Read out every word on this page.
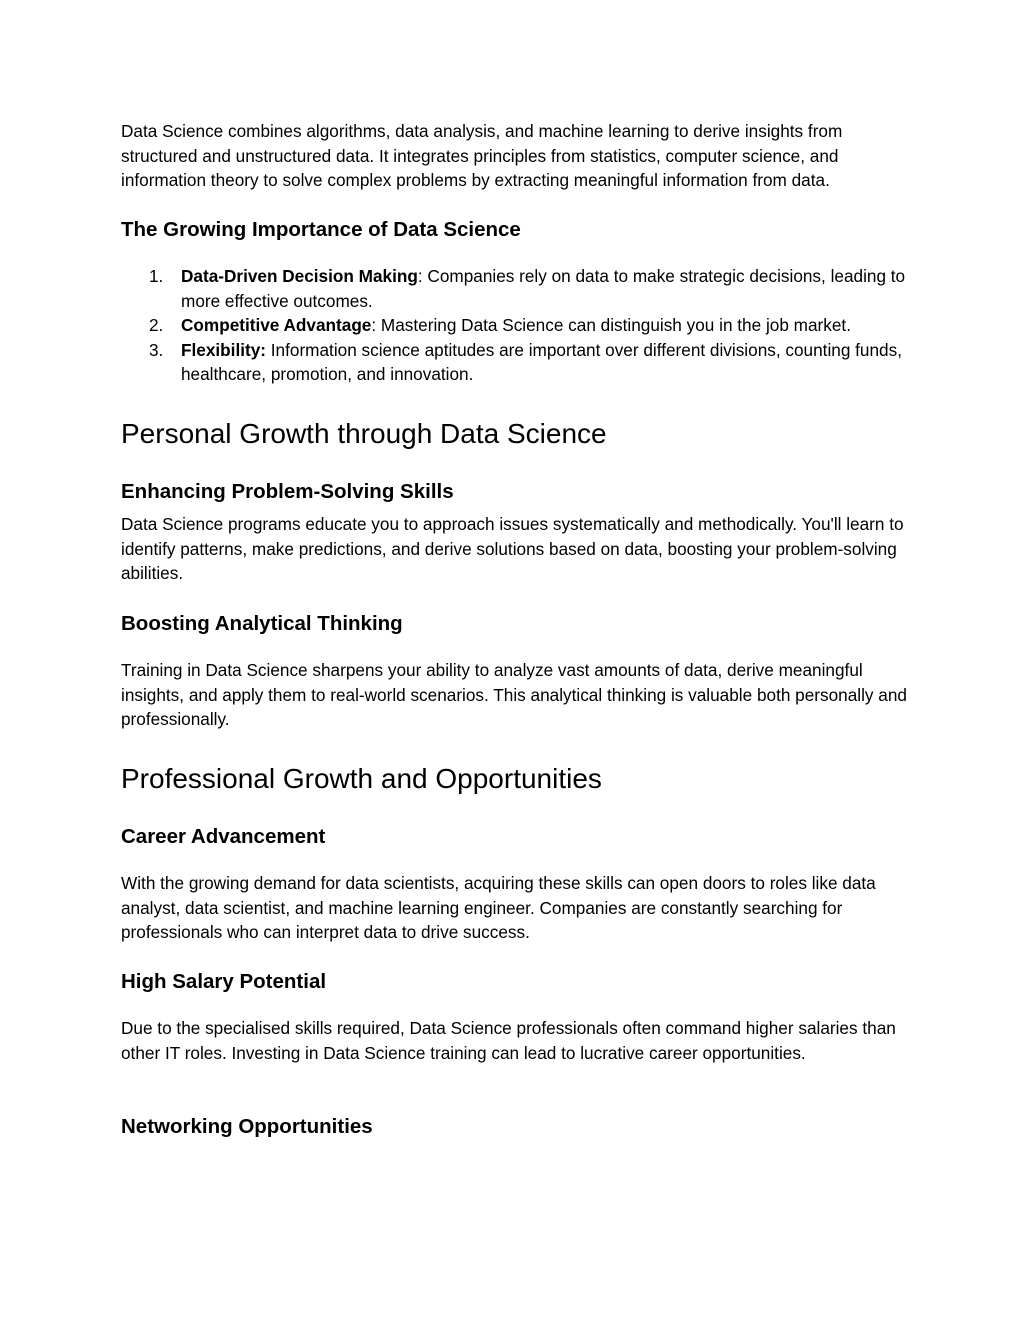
Data Science combines algorithms, data analysis, and machine learning to derive insights from structured and unstructured data. It integrates principles from statistics, computer science, and information theory to solve complex problems by extracting meaningful information from data.

The Growing Importance of Data Science
1. Data-Driven Decision Making: Companies rely on data to make strategic decisions, leading to more effective outcomes.
2. Competitive Advantage: Mastering Data Science can distinguish you in the job market.
3. Flexibility: Information science aptitudes are important over different divisions, counting funds, healthcare, promotion, and innovation.
Personal Growth through Data Science
Enhancing Problem-Solving Skills

Data Science programs educate you to approach issues systematically and methodically. You'll learn to identify patterns, make predictions, and derive solutions based on data, boosting your problem-solving abilities.

Boosting Analytical Thinking

Training in Data Science sharpens your ability to analyze vast amounts of data, derive meaningful insights, and apply them to real-world scenarios. This analytical thinking is valuable both personally and professionally.

Professional Growth and Opportunities
Career Advancement

With the growing demand for data scientists, acquiring these skills can open doors to roles like data analyst, data scientist, and machine learning engineer. Companies are constantly searching for professionals who can interpret data to drive success.

High Salary Potential

Due to the specialised skills required, Data Science professionals often command higher salaries than other IT roles. Investing in Data Science training can lead to lucrative career opportunities.

Networking Opportunities
